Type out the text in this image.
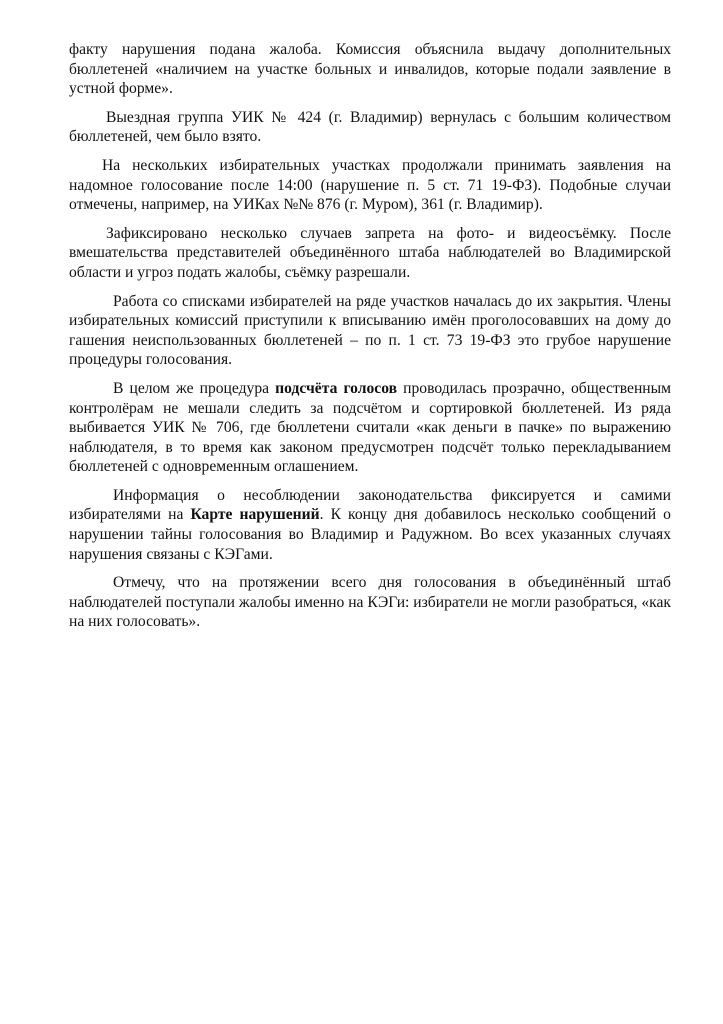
факту нарушения подана жалоба. Комиссия объяснила выдачу дополнительных бюллетеней «наличием на участке больных и инвалидов, которые подали заявление в устной форме».

Выездная группа УИК № 424 (г. Владимир) вернулась с большим количеством бюллетеней, чем было взято.

На нескольких избирательных участках продолжали принимать заявления на надомное голосование после 14:00 (нарушение п. 5 ст. 71 19-ФЗ). Подобные случаи отмечены, например, на УИКах №№ 876 (г. Муром), 361 (г. Владимир).

Зафиксировано несколько случаев запрета на фото- и видеосъёмку. После вмешательства представителей объединённого штаба наблюдателей во Владимирской области и угроз подать жалобы, съёмку разрешали.

Работа со списками избирателей на ряде участков началась до их закрытия. Члены избирательных комиссий приступили к вписыванию имён проголосовавших на дому до гашения неиспользованных бюллетеней – по п. 1 ст. 73 19-ФЗ это грубое нарушение процедуры голосования.

В целом же процедура подсчёта голосов проводилась прозрачно, общественным контролёрам не мешали следить за подсчётом и сортировкой бюллетеней. Из ряда выбивается УИК № 706, где бюллетени считали «как деньги в пачке» по выражению наблюдателя, в то время как законом предусмотрен подсчёт только перекладыванием бюллетеней с одновременным оглашением.

Информация о несоблюдении законодательства фиксируется и самими избирателями на Карте нарушений. К концу дня добавилось несколько сообщений о нарушении тайны голосования во Владимир и Радужном. Во всех указанных случаях нарушения связаны с КЭГами.

Отмечу, что на протяжении всего дня голосования в объединённый штаб наблюдателей поступали жалобы именно на КЭГи: избиратели не могли разобраться, «как на них голосовать».
